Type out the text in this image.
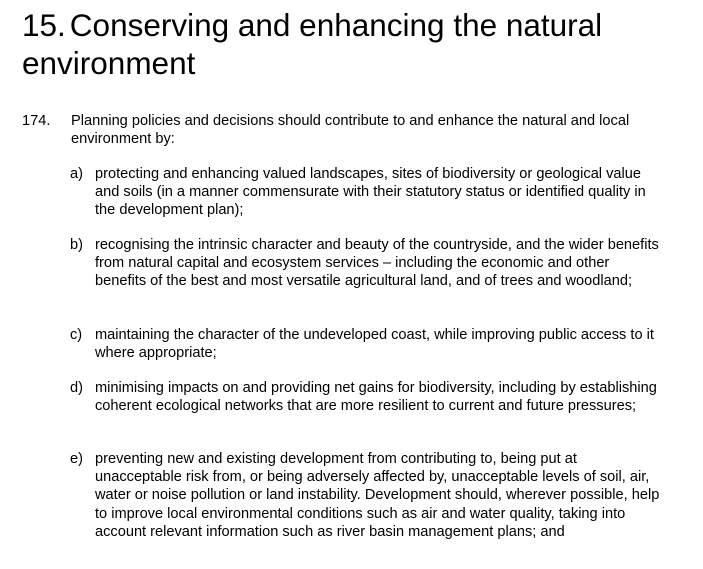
15. Conserving and enhancing the natural environment
174. Planning policies and decisions should contribute to and enhance the natural and local environment by:
a) protecting and enhancing valued landscapes, sites of biodiversity or geological value and soils (in a manner commensurate with their statutory status or identified quality in the development plan);
b) recognising the intrinsic character and beauty of the countryside, and the wider benefits from natural capital and ecosystem services – including the economic and other benefits of the best and most versatile agricultural land, and of trees and woodland;
c) maintaining the character of the undeveloped coast, while improving public access to it where appropriate;
d) minimising impacts on and providing net gains for biodiversity, including by establishing coherent ecological networks that are more resilient to current and future pressures;
e) preventing new and existing development from contributing to, being put at unacceptable risk from, or being adversely affected by, unacceptable levels of soil, air, water or noise pollution or land instability. Development should, wherever possible, help to improve local environmental conditions such as air and water quality, taking into account relevant information such as river basin management plans; and
